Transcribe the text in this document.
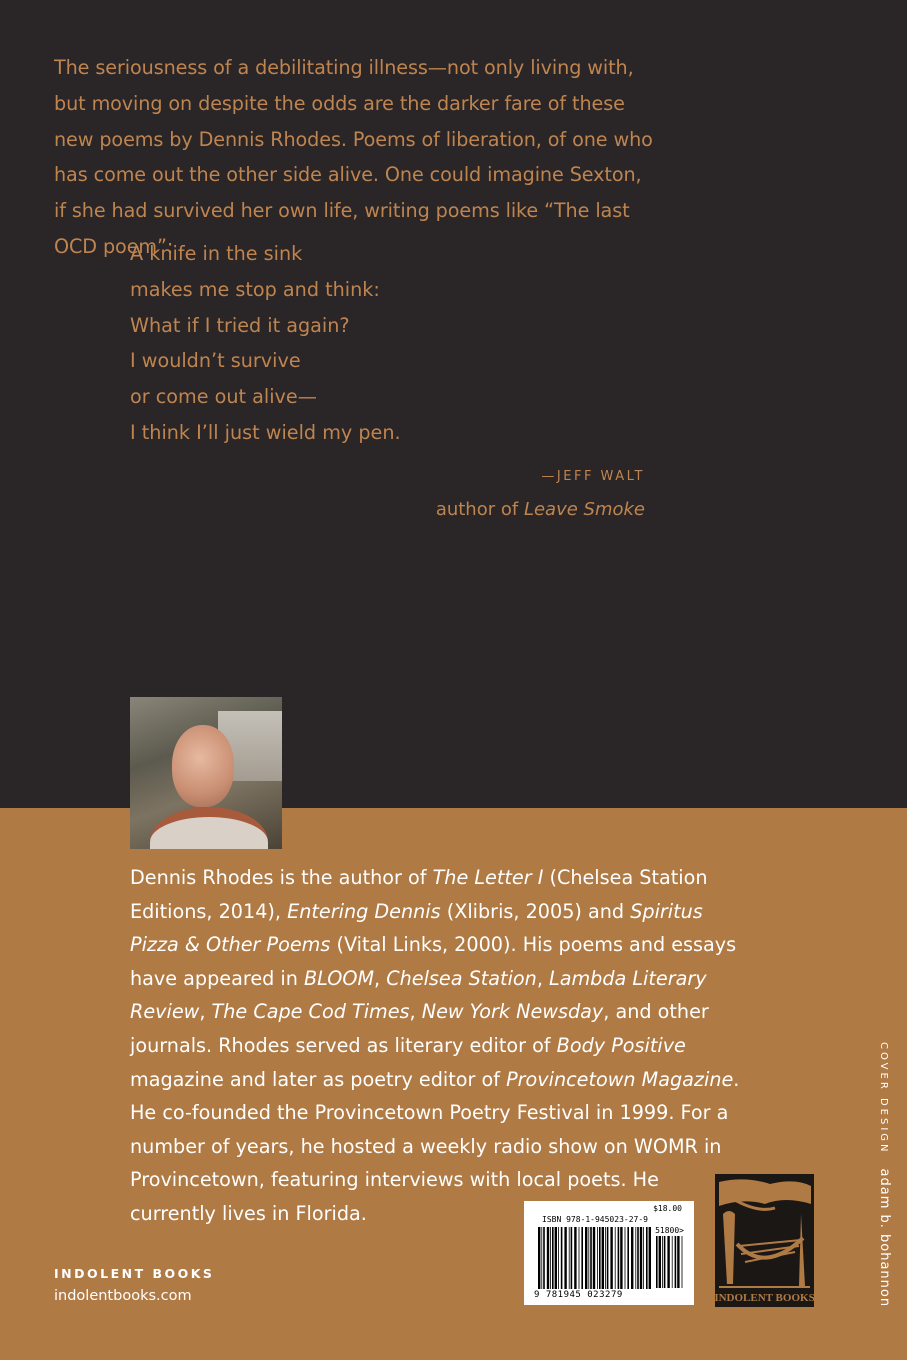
The seriousness of a debilitating illness—not only living with, but moving on despite the odds are the darker fare of these new poems by Dennis Rhodes. Poems of liberation, of one who has come out the other side alive. One could imagine Sexton, if she had survived her own life, writing poems like “The last OCD poem”:

A knife in the sink
makes me stop and think:
What if I tried it again?
I wouldn’t survive
or come out alive—
I think I’ll just wield my pen.
—JEFF WALT
author of Leave Smoke
Dennis Rhodes is the author of The Letter I (Chelsea Station Editions, 2014), Entering Dennis (Xlibris, 2005) and Spiritus Pizza & Other Poems (Vital Links, 2000). His poems and essays have appeared in BLOOM, Chelsea Station, Lambda Literary Review, The Cape Cod Times, New York Newsday, and other journals. Rhodes served as literary editor of Body Positive magazine and later as poetry editor of Provincetown Magazine. He co-founded the Provincetown Poetry Festival in 1999. For a number of years, he hosted a weekly radio show on WOMR in Provincetown, featuring interviews with local poets. He currently lives in Florida.
COVER DESIGNadam b. bohannon
INDOLENT BOOKS
indolentbooks.com
ISBN 978-1-945023-27-9
$18.00
51800>
9 781945 023279	INDOLENT BOOKS
